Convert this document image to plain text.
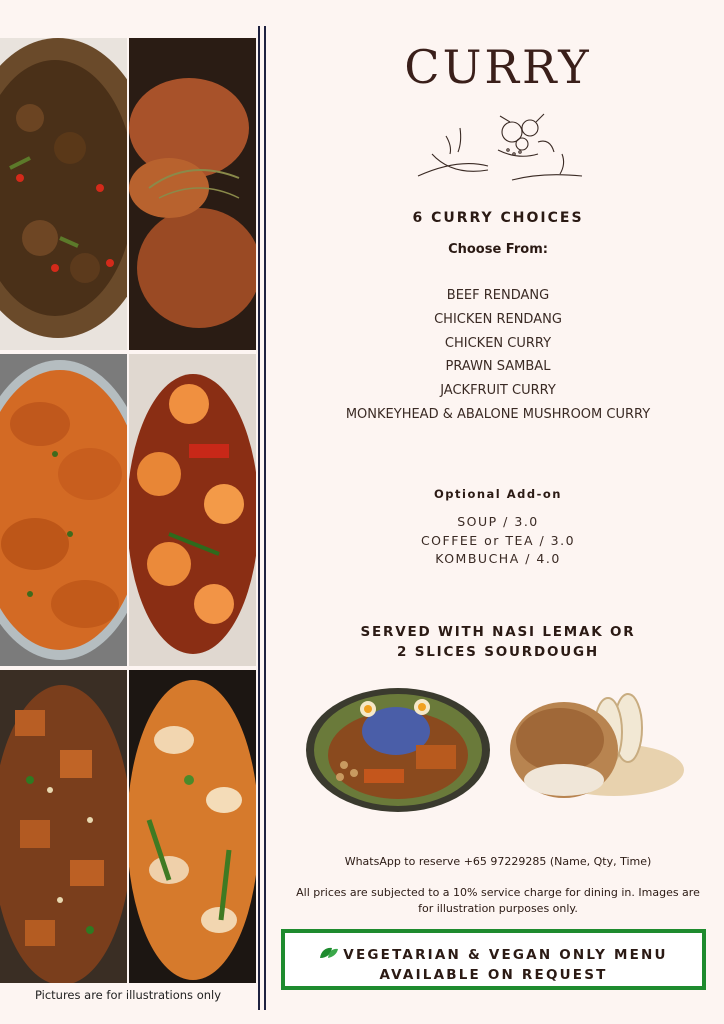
Pictures are for illustrations only
CURRY
6 CURRY CHOICES
Choose From:
BEEF RENDANG
CHICKEN RENDANG
CHICKEN CURRY
PRAWN SAMBAL
JACKFRUIT CURRY
MONKEYHEAD & ABALONE MUSHROOM CURRY
Optional Add-on
SOUP / 3.0
COFFEE or TEA / 3.0
KOMBUCHA / 4.0
SERVED WITH NASI LEMAK OR
2 SLICES SOURDOUGH
WhatsApp to reserve +65 97229285 (Name, Qty, Time)
All prices are subjected to a 10% service charge for dining in. Images are for illustration purposes only.
VEGETARIAN & VEGAN ONLY MENU
AVAILABLE ON REQUEST
